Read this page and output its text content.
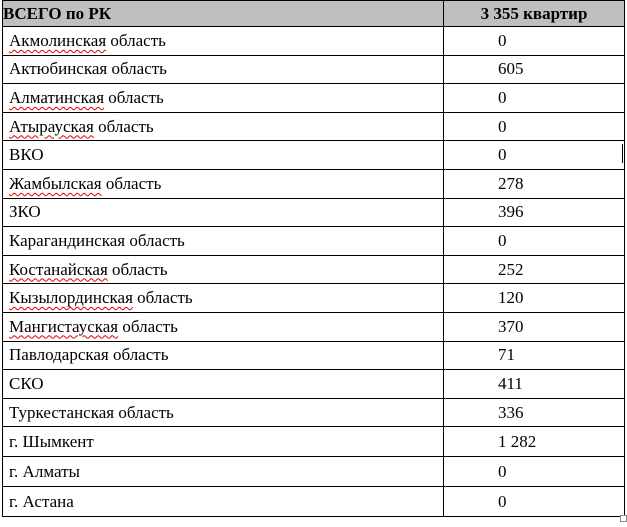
ВСЕГО по РК	3 355 квартир
Акмолинская область	0
Актюбинская область	605
Алматинская область	0
Атырауская область	0
ВКО	0
Жамбылская область	278
ЗКО	396
Карагандинская область	0
Костанайская область	252
Кызылординская область	120
Мангистауская область	370
Павлодарская область	71
СКО	411
Туркестанская область	336
г. Шымкент	1 282
г. Алматы	0
г. Астана	0
